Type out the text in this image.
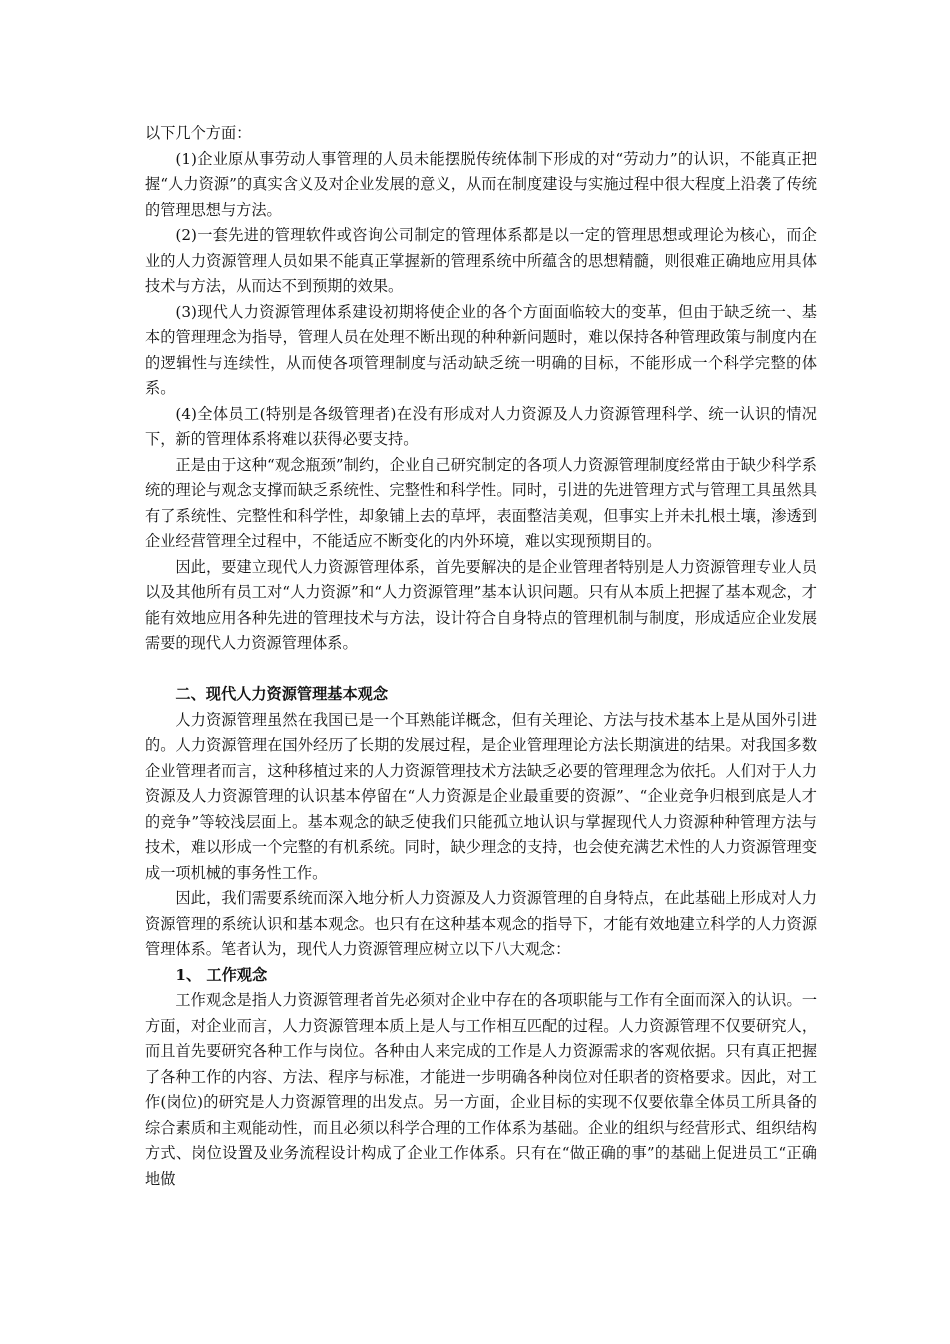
以下几个方面：

(1)企业原从事劳动人事管理的人员未能摆脱传统体制下形成的对“劳动力”的认识，不能真正把握“人力资源”的真实含义及对企业发展的意义，从而在制度建设与实施过程中很大程度上沿袭了传统的管理思想与方法。

(2)一套先进的管理软件或咨询公司制定的管理体系都是以一定的管理思想或理论为核心，而企业的人力资源管理人员如果不能真正掌握新的管理系统中所蕴含的思想精髓，则很难正确地应用具体技术与方法，从而达不到预期的效果。

(3)现代人力资源管理体系建设初期将使企业的各个方面面临较大的变革，但由于缺乏统一、基本的管理理念为指导，管理人员在处理不断出现的种种新问题时，难以保持各种管理政策与制度内在的逻辑性与连续性，从而使各项管理制度与活动缺乏统一明确的目标，不能形成一个科学完整的体系。

(4)全体员工(特别是各级管理者)在没有形成对人力资源及人力资源管理科学、统一认识的情况下，新的管理体系将难以获得必要支持。

正是由于这种“观念瓶颈”制约，企业自己研究制定的各项人力资源管理制度经常由于缺少科学系统的理论与观念支撑而缺乏系统性、完整性和科学性。同时，引进的先进管理方式与管理工具虽然具有了系统性、完整性和科学性，却象铺上去的草坪，表面整洁美观，但事实上并未扎根土壤，渗透到企业经营管理全过程中，不能适应不断变化的内外环境，难以实现预期目的。

因此，要建立现代人力资源管理体系，首先要解决的是企业管理者特别是人力资源管理专业人员以及其他所有员工对“人力资源”和“人力资源管理”基本认识问题。只有从本质上把握了基本观念，才能有效地应用各种先进的管理技术与方法，设计符合自身特点的管理机制与制度，形成适应企业发展需要的现代人力资源管理体系。

二、现代人力资源管理基本观念

人力资源管理虽然在我国已是一个耳熟能详概念，但有关理论、方法与技术基本上是从国外引进的。人力资源管理在国外经历了长期的发展过程，是企业管理理论方法长期演进的结果。对我国多数企业管理者而言，这种移植过来的人力资源管理技术方法缺乏必要的管理理念为依托。人们对于人力资源及人力资源管理的认识基本停留在“人力资源是企业最重要的资源”、“企业竞争归根到底是人才的竞争”等较浅层面上。基本观念的缺乏使我们只能孤立地认识与掌握现代人力资源种种管理方法与技术，难以形成一个完整的有机系统。同时，缺少理念的支持，也会使充满艺术性的人力资源管理变成一项机械的事务性工作。

因此，我们需要系统而深入地分析人力资源及人力资源管理的自身特点，在此基础上形成对人力资源管理的系统认识和基本观念。也只有在这种基本观念的指导下，才能有效地建立科学的人力资源管理体系。笔者认为，现代人力资源管理应树立以下八大观念：

1、 工作观念

工作观念是指人力资源管理者首先必须对企业中存在的各项职能与工作有全面而深入的认识。一方面，对企业而言，人力资源管理本质上是人与工作相互匹配的过程。人力资源管理不仅要研究人，而且首先要研究各种工作与岗位。各种由人来完成的工作是人力资源需求的客观依据。只有真正把握了各种工作的内容、方法、程序与标准，才能进一步明确各种岗位对任职者的资格要求。因此，对工作(岗位)的研究是人力资源管理的出发点。另一方面，企业目标的实现不仅要依靠全体员工所具备的综合素质和主观能动性，而且必须以科学合理的工作体系为基础。企业的组织与经营形式、组织结构方式、岗位设置及业务流程设计构成了企业工作体系。只有在“做正确的事”的基础上促进员工“正确地做
